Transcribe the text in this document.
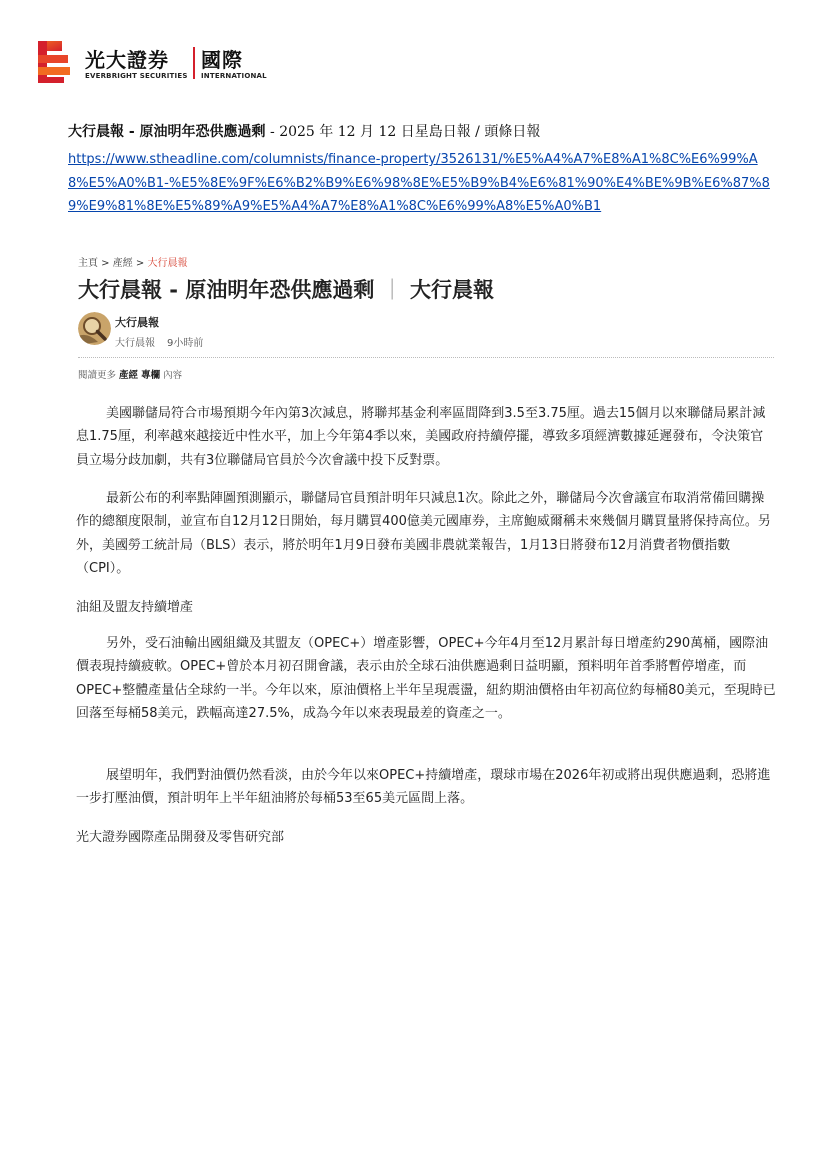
光大證券 國際
EVERBRIGHT SECURITIES INTERNATIONAL
大行晨報 - 原油明年恐供應過剩 - 2025 年 12 月 12 日星島日報 / 頭條日報
https://www.stheadline.com/columnists/finance-property/3526131/%E5%A4%A7%E8%A1%8C%E6%99%A8%E5%A0%B1-%E5%8E%9F%E6%B2%B9%E6%98%8E%E5%B9%B4%E6%81%90%E4%BE%9B%E6%87%89%E9%81%8E%E5%89%A9%E5%A4%A7%E8%A1%8C%E6%99%A8%E5%A0%B1
主頁 > 產經 > 大行晨報
大行晨報 - 原油明年恐供應過剩 ｜ 大行晨報
大行晨報
大行晨報 9小時前
閱讀更多 產經 專欄 內容

美國聯儲局符合市場預期今年內第3次減息，將聯邦基金利率區間降到3.5至3.75厘。過去15個月以來聯儲局累計減息1.75厘，利率越來越接近中性水平，加上今年第4季以來，美國政府持續停擺，導致多項經濟數據延遲發布，令決策官員立場分歧加劇，共有3位聯儲局官員於今次會議中投下反對票。

最新公布的利率點陣圖預測顯示，聯儲局官員預計明年只減息1次。除此之外，聯儲局今次會議宣布取消常備回購操作的總額度限制，並宣布自12月12日開始，每月購買400億美元國庫券，主席鮑威爾稱未來幾個月購買量將保持高位。另外，美國勞工統計局（BLS）表示，將於明年1月9日發布美國非農就業報告，1月13日將發布12月消費者物價指數（CPI）。

油組及盟友持續增產

另外，受石油輸出國組織及其盟友（OPEC+）增產影響，OPEC+今年4月至12月累計每日增產約290萬桶，國際油價表現持續疲軟。OPEC+曾於本月初召開會議，表示由於全球石油供應過剩日益明顯，預料明年首季將暫停增產，而OPEC+整體產量佔全球約一半。今年以來，原油價格上半年呈現震盪，紐約期油價格由年初高位約每桶80美元，至現時已回落至每桶58美元，跌幅高達27.5%，成為今年以來表現最差的資產之一。

展望明年，我們對油價仍然看淡，由於今年以來OPEC+持續增產，環球市場在2026年初或將出現供應過剩，恐將進一步打壓油價，預計明年上半年紐油將於每桶53至65美元區間上落。

光大證券國際產品開發及零售研究部
